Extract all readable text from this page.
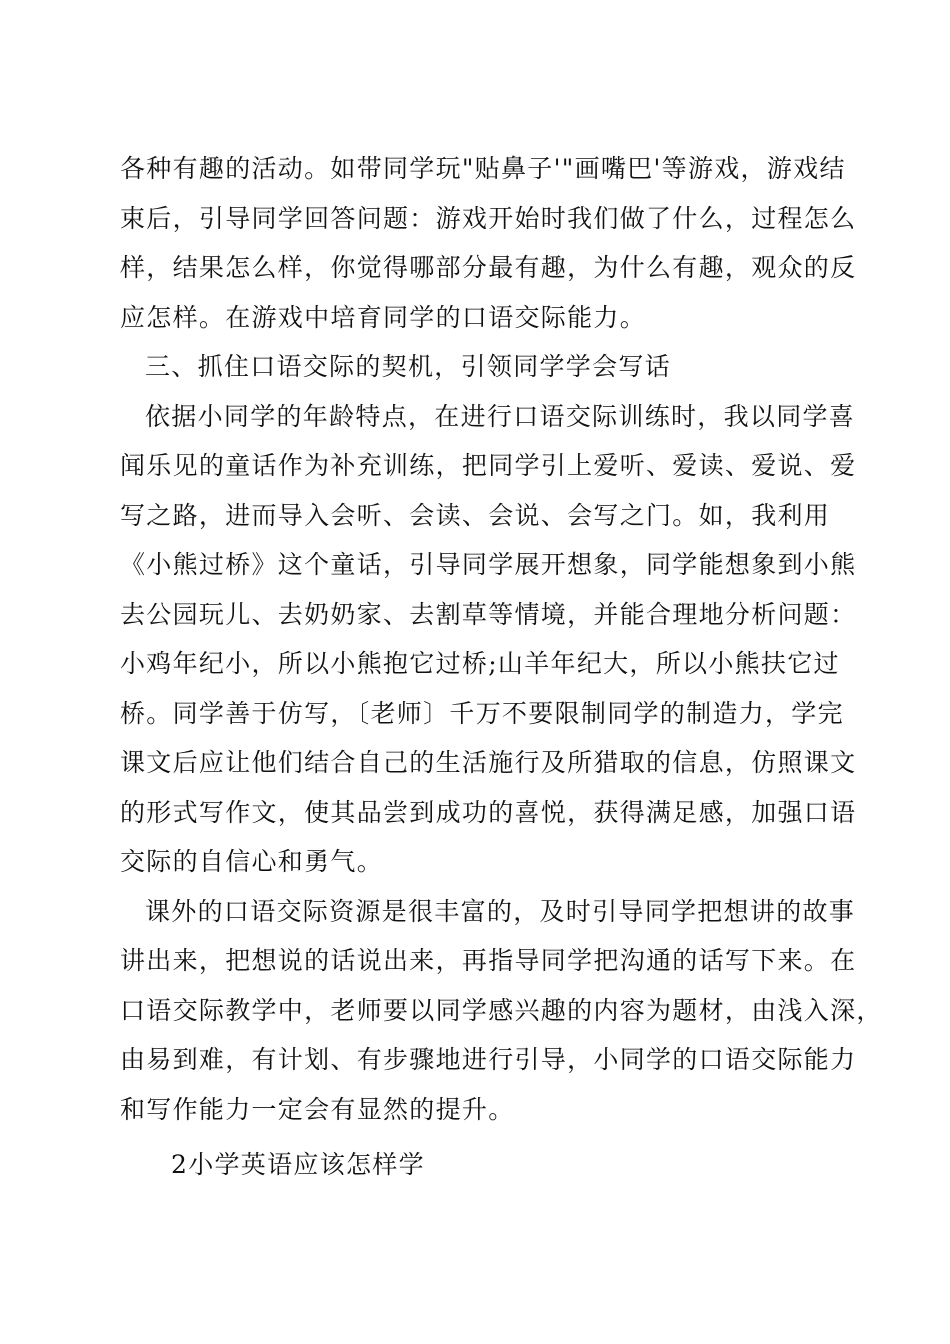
各种有趣的活动。如带同学玩"贴鼻子'"画嘴巴'等游戏，游戏结
束后，引导同学回答问题：游戏开始时我们做了什么，过程怎么
样，结果怎么样，你觉得哪部分最有趣，为什么有趣，观众的反
应怎样。在游戏中培育同学的口语交际能力。
三、抓住口语交际的契机，引领同学学会写话
依据小同学的年龄特点，在进行口语交际训练时，我以同学喜
闻乐见的童话作为补充训练，把同学引上爱听、爱读、爱说、爱
写之路，进而导入会听、会读、会说、会写之门。如，我利用
《小熊过桥》这个童话，引导同学展开想象，同学能想象到小熊
去公园玩儿、去奶奶家、去割草等情境，并能合理地分析问题：
小鸡年纪小，所以小熊抱它过桥;山羊年纪大，所以小熊扶它过
桥。同学善于仿写，〔老师〕千万不要限制同学的制造力，学完
课文后应让他们结合自己的生活施行及所猎取的信息，仿照课文
的形式写作文，使其品尝到成功的喜悦，获得满足感，加强口语
交际的自信心和勇气。
课外的口语交际资源是很丰富的，及时引导同学把想讲的故事
讲出来，把想说的话说出来，再指导同学把沟通的话写下来。在
口语交际教学中，老师要以同学感兴趣的内容为题材，由浅入深，
由易到难，有计划、有步骤地进行引导，小同学的口语交际能力
和写作能力一定会有显然的提升。
2小学英语应该怎样学
